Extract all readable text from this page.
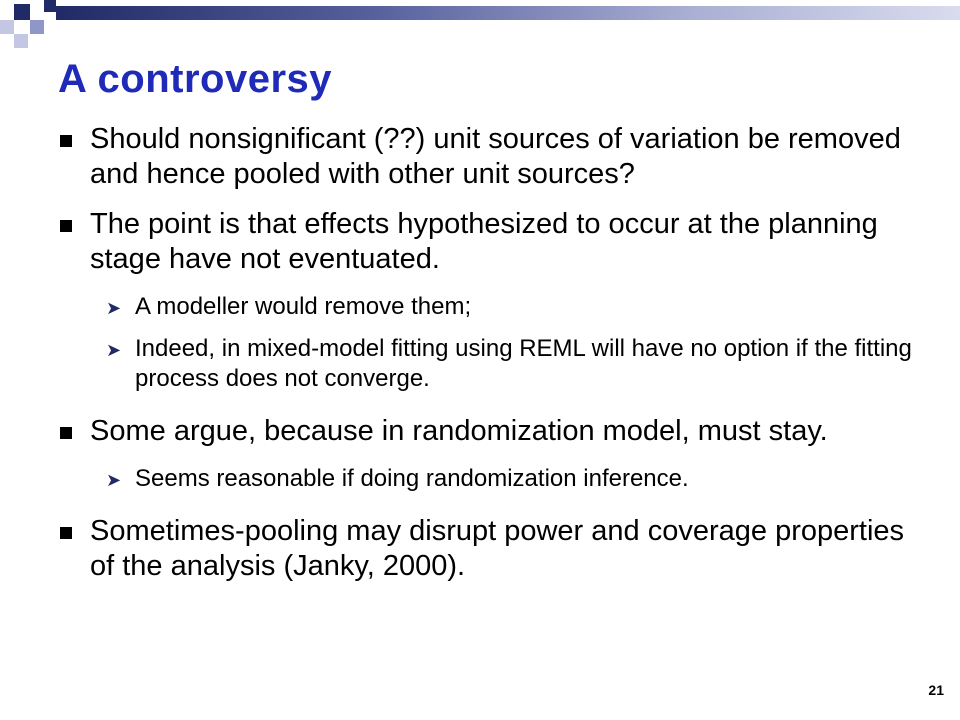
A controversy
Should nonsignificant (??) unit sources of variation be removed and hence pooled with other unit sources?
The point is that effects hypothesized to occur at the planning stage have not eventuated.
➤ A modeller would remove them;
➤ Indeed, in mixed-model fitting using REML will have no option if the fitting process does not converge.
Some argue, because in randomization model, must stay.
➤ Seems reasonable if doing randomization inference.
Sometimes-pooling may disrupt power and coverage properties of the analysis (Janky, 2000).
21
